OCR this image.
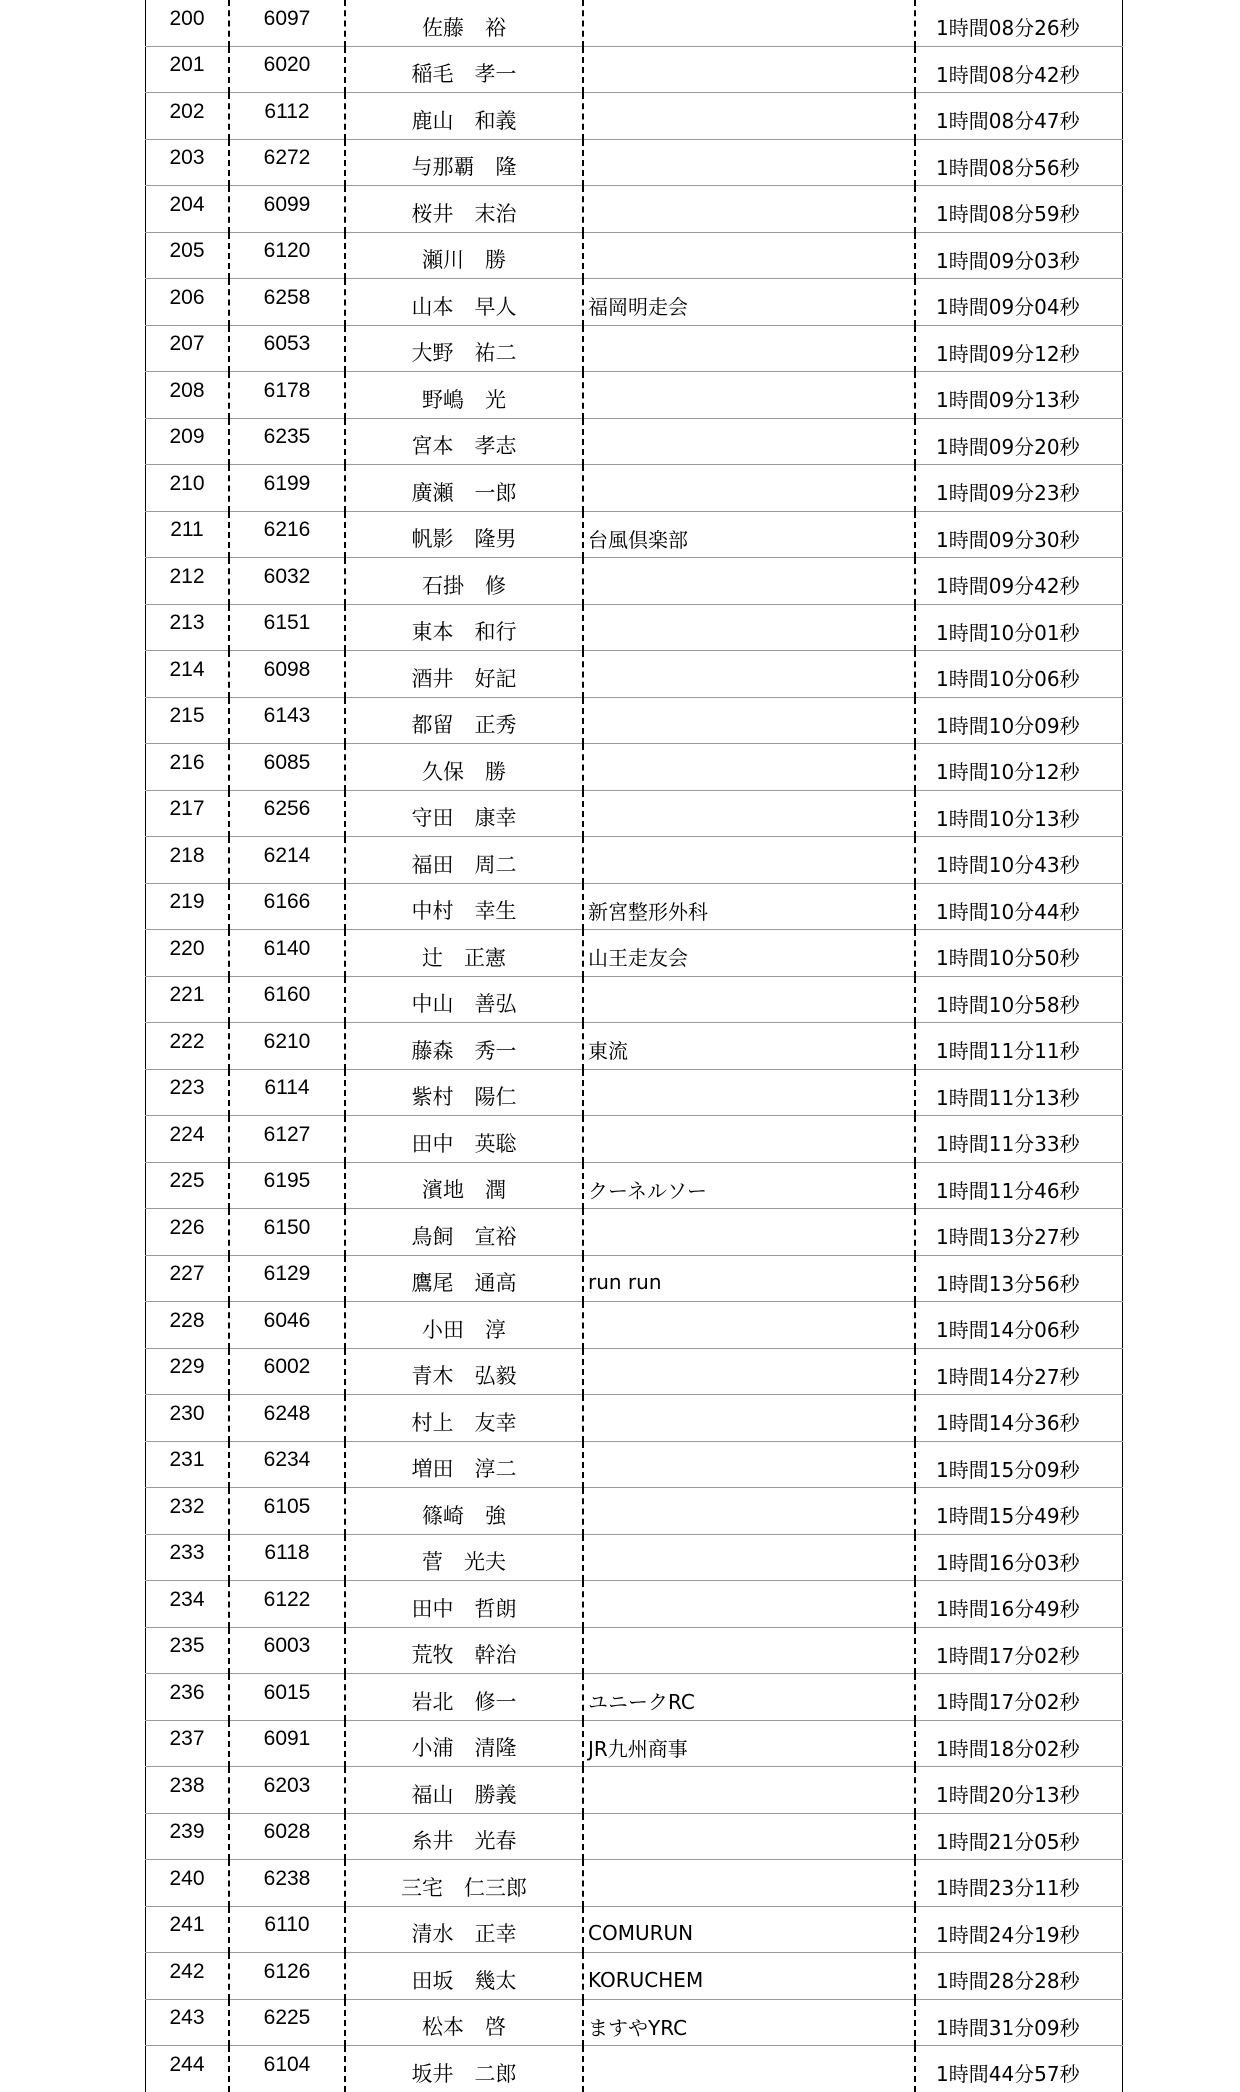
200	6097	佐藤　裕		1時間08分26秒
201	6020	稲毛　孝一		1時間08分42秒
202	6112	鹿山　和義		1時間08分47秒
203	6272	与那覇　隆		1時間08分56秒
204	6099	桜井　末治		1時間08分59秒
205	6120	瀬川　勝		1時間09分03秒
206	6258	山本　早人	福岡明走会	1時間09分04秒
207	6053	大野　祐二		1時間09分12秒
208	6178	野嶋　光		1時間09分13秒
209	6235	宮本　孝志		1時間09分20秒
210	6199	廣瀬　一郎		1時間09分23秒
211	6216	帆影　隆男	台風倶楽部	1時間09分30秒
212	6032	石掛　修		1時間09分42秒
213	6151	東本　和行		1時間10分01秒
214	6098	酒井　好記		1時間10分06秒
215	6143	都留　正秀		1時間10分09秒
216	6085	久保　勝		1時間10分12秒
217	6256	守田　康幸		1時間10分13秒
218	6214	福田　周二		1時間10分43秒
219	6166	中村　幸生	新宮整形外科	1時間10分44秒
220	6140	辻　正憲	山王走友会	1時間10分50秒
221	6160	中山　善弘		1時間10分58秒
222	6210	藤森　秀一	東流	1時間11分11秒
223	6114	紫村　陽仁		1時間11分13秒
224	6127	田中　英聡		1時間11分33秒
225	6195	濱地　潤	クーネルソー	1時間11分46秒
226	6150	鳥飼　宣裕		1時間13分27秒
227	6129	鷹尾　通高	run run	1時間13分56秒
228	6046	小田　淳		1時間14分06秒
229	6002	青木　弘毅		1時間14分27秒
230	6248	村上　友幸		1時間14分36秒
231	6234	増田　淳二		1時間15分09秒
232	6105	篠崎　強		1時間15分49秒
233	6118	菅　光夫		1時間16分03秒
234	6122	田中　哲朗		1時間16分49秒
235	6003	荒牧　幹治		1時間17分02秒
236	6015	岩北　修一	ユニークRC	1時間17分02秒
237	6091	小浦　清隆	JR九州商事	1時間18分02秒
238	6203	福山　勝義		1時間20分13秒
239	6028	糸井　光春		1時間21分05秒
240	6238	三宅　仁三郎		1時間23分11秒
241	6110	清水　正幸	COMURUN	1時間24分19秒
242	6126	田坂　幾太	KORUCHEM	1時間28分28秒
243	6225	松本　啓	ますやYRC	1時間31分09秒
244	6104	坂井　二郎		1時間44分57秒
